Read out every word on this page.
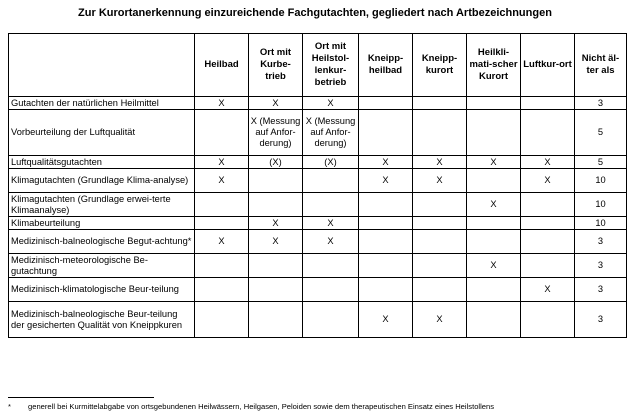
Zur Kurortanerkennung einzureichende Fachgutachten, gegliedert nach Artbezeichnungen
	Heilbad	Ort mit Kurbe-trieb	Ort mit Heilstol-lenkur-betrieb	Kneipp-heilbad	Kneipp-kurort	Heilkli-mati-scher Kurort	Luftkur-ort	Nicht äl-ter als
Gutachten der natürlichen Heilmittel	X	X	X					3
Vorbeurteilung der Luftqualität		X (Messung auf Anfor-derung)	X (Messung auf Anfor-derung)					5
Luftqualitätsgutachten	X	(X)	(X)	X	X	X	X	5
Klimagutachten (Grundlage Klima-analyse)	X			X	X		X	10
Klimagutachten (Grundlage erwei-terte Klimaanalyse)						X		10
Klimabeurteilung		X	X					10
Medizinisch-balneologische Begut-achtung*	X	X	X					3
Medizinisch-meteorologische Be-gutachtung						X		3
Medizinisch-klimatologische Beur-teilung							X	3
Medizinisch-balneologische Beur-teilung der gesicherten Qualität von Kneippkuren				X	X			3
* generell bei Kurmittelabgabe von ortsgebundenen Heilwässern, Heilgasen, Peloiden sowie dem therapeutischen Einsatz eines Heilstollens
